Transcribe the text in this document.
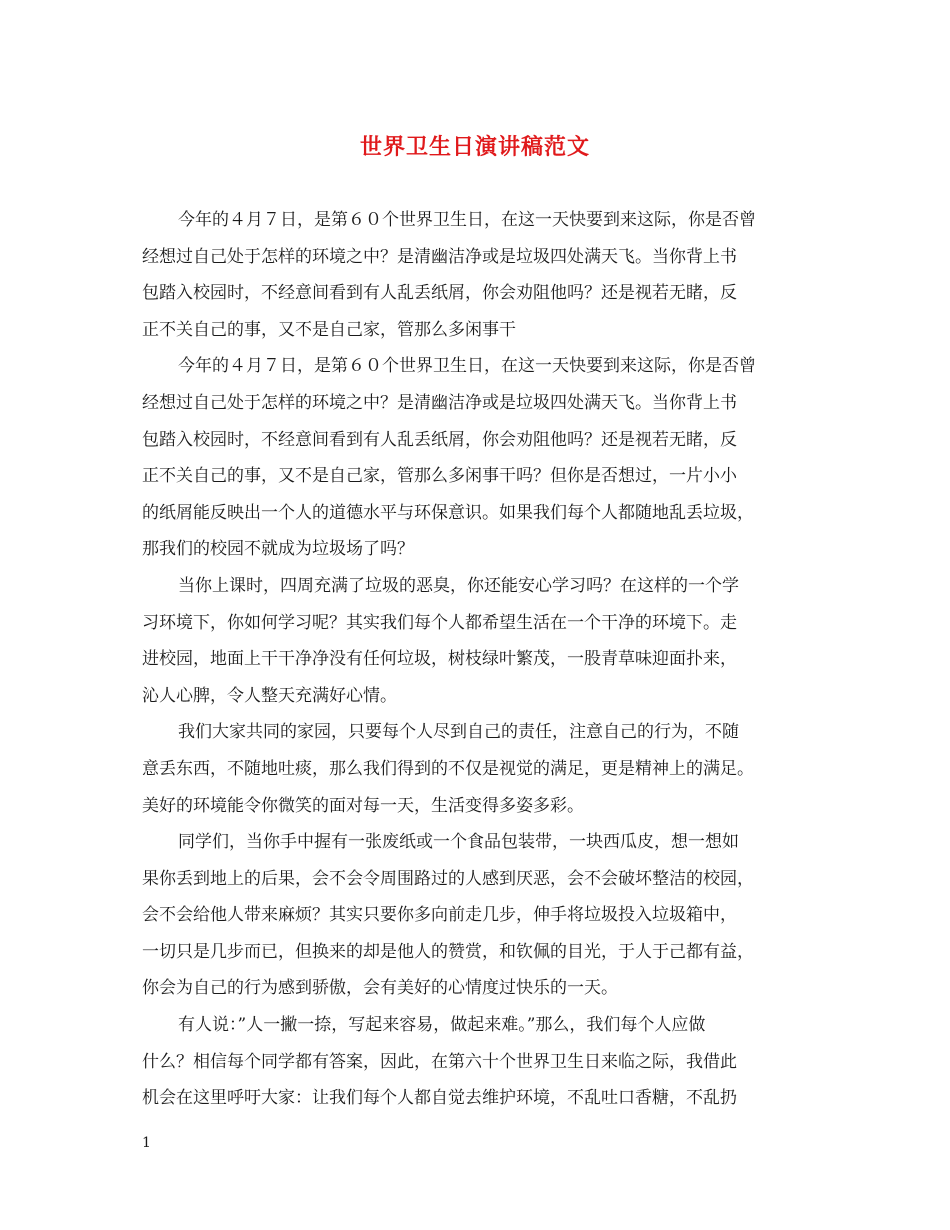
世界卫生日演讲稿范文
今年的４月７日，是第６０个世界卫生日，在这一天快要到来这际，你是否曾
经想过自己处于怎样的环境之中？是清幽洁净或是垃圾四处满天飞。当你背上书
包踏入校园时，不经意间看到有人乱丢纸屑，你会劝阻他吗？还是视若无睹，反
正不关自己的事，又不是自己家，管那么多闲事干
今年的４月７日，是第６０个世界卫生日，在这一天快要到来这际，你是否曾
经想过自己处于怎样的环境之中？是清幽洁净或是垃圾四处满天飞。当你背上书
包踏入校园时，不经意间看到有人乱丢纸屑，你会劝阻他吗？还是视若无睹，反
正不关自己的事，又不是自己家，管那么多闲事干吗？但你是否想过，一片小小
的纸屑能反映出一个人的道德水平与环保意识。如果我们每个人都随地乱丢垃圾，
那我们的校园不就成为垃圾场了吗？
当你上课时，四周充满了垃圾的恶臭，你还能安心学习吗？在这样的一个学
习环境下，你如何学习呢？其实我们每个人都希望生活在一个干净的环境下。走
进校园，地面上干干净净没有任何垃圾，树枝绿叶繁茂，一股青草味迎面扑来，
沁人心脾，令人整天充满好心情。
我们大家共同的家园，只要每个人尽到自己的责任，注意自己的行为，不随
意丢东西，不随地吐痰，那么我们得到的不仅是视觉的满足，更是精神上的满足。
美好的环境能令你微笑的面对每一天，生活变得多姿多彩。
同学们，当你手中握有一张废纸或一个食品包装带，一块西瓜皮，想一想如
果你丢到地上的后果，会不会令周围路过的人感到厌恶，会不会破坏整洁的校园，
会不会给他人带来麻烦？其实只要你多向前走几步，伸手将垃圾投入垃圾箱中，
一切只是几步而已，但换来的却是他人的赞赏，和钦佩的目光，于人于己都有益，
你会为自己的行为感到骄傲，会有美好的心情度过快乐的一天。
有人说：”人一撇一捺，写起来容易，做起来难。”那么，我们每个人应做
什么？相信每个同学都有答案，因此，在第六十个世界卫生日来临之际，我借此
机会在这里呼吁大家：让我们每个人都自觉去维护环境，不乱吐口香糖，不乱扔
1
